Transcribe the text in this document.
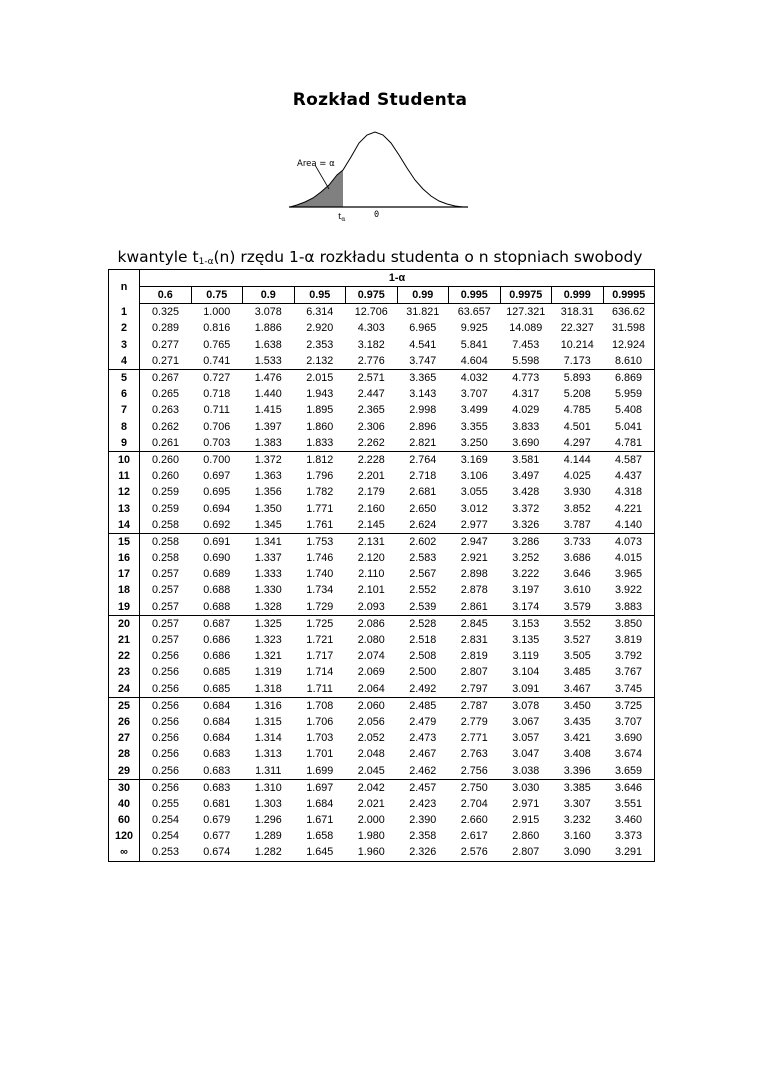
Rozkład Studenta
Area = α
$t_\alpha$	0
kwantyle $t_{1-\alpha}(n)$ rzędu 1-α rozkładu studenta o n stopniach swobody
n	1-α									
	0.6	0.75	0.9	0.95	0.975	0.99	0.995	0.9975	0.999	0.9995
1	0.325	1.000	3.078	6.314	12.706	31.821	63.657	127.321	318.31	636.62
2	0.289	0.816	1.886	2.920	4.303	6.965	9.925	14.089	22.327	31.598
3	0.277	0.765	1.638	2.353	3.182	4.541	5.841	7.453	10.214	12.924
4	0.271	0.741	1.533	2.132	2.776	3.747	4.604	5.598	7.173	8.610
5	0.267	0.727	1.476	2.015	2.571	3.365	4.032	4.773	5.893	6.869
6	0.265	0.718	1.440	1.943	2.447	3.143	3.707	4.317	5.208	5.959
7	0.263	0.711	1.415	1.895	2.365	2.998	3.499	4.029	4.785	5.408
8	0.262	0.706	1.397	1.860	2.306	2.896	3.355	3.833	4.501	5.041
9	0.261	0.703	1.383	1.833	2.262	2.821	3.250	3.690	4.297	4.781
10	0.260	0.700	1.372	1.812	2.228	2.764	3.169	3.581	4.144	4.587
11	0.260	0.697	1.363	1.796	2.201	2.718	3.106	3.497	4.025	4.437
12	0.259	0.695	1.356	1.782	2.179	2.681	3.055	3.428	3.930	4.318
13	0.259	0.694	1.350	1.771	2.160	2.650	3.012	3.372	3.852	4.221
14	0.258	0.692	1.345	1.761	2.145	2.624	2.977	3.326	3.787	4.140
15	0.258	0.691	1.341	1.753	2.131	2.602	2.947	3.286	3.733	4.073
16	0.258	0.690	1.337	1.746	2.120	2.583	2.921	3.252	3.686	4.015
17	0.257	0.689	1.333	1.740	2.110	2.567	2.898	3.222	3.646	3.965
18	0.257	0.688	1.330	1.734	2.101	2.552	2.878	3.197	3.610	3.922
19	0.257	0.688	1.328	1.729	2.093	2.539	2.861	3.174	3.579	3.883
20	0.257	0.687	1.325	1.725	2.086	2.528	2.845	3.153	3.552	3.850
21	0.257	0.686	1.323	1.721	2.080	2.518	2.831	3.135	3.527	3.819
22	0.256	0.686	1.321	1.717	2.074	2.508	2.819	3.119	3.505	3.792
23	0.256	0.685	1.319	1.714	2.069	2.500	2.807	3.104	3.485	3.767
24	0.256	0.685	1.318	1.711	2.064	2.492	2.797	3.091	3.467	3.745
25	0.256	0.684	1.316	1.708	2.060	2.485	2.787	3.078	3.450	3.725
26	0.256	0.684	1.315	1.706	2.056	2.479	2.779	3.067	3.435	3.707
27	0.256	0.684	1.314	1.703	2.052	2.473	2.771	3.057	3.421	3.690
28	0.256	0.683	1.313	1.701	2.048	2.467	2.763	3.047	3.408	3.674
29	0.256	0.683	1.311	1.699	2.045	2.462	2.756	3.038	3.396	3.659
30	0.256	0.683	1.310	1.697	2.042	2.457	2.750	3.030	3.385	3.646
40	0.255	0.681	1.303	1.684	2.021	2.423	2.704	2.971	3.307	3.551
60	0.254	0.679	1.296	1.671	2.000	2.390	2.660	2.915	3.232	3.460
120	0.254	0.677	1.289	1.658	1.980	2.358	2.617	2.860	3.160	3.373
∞	0.253	0.674	1.282	1.645	1.960	2.326	2.576	2.807	3.090	3.291
